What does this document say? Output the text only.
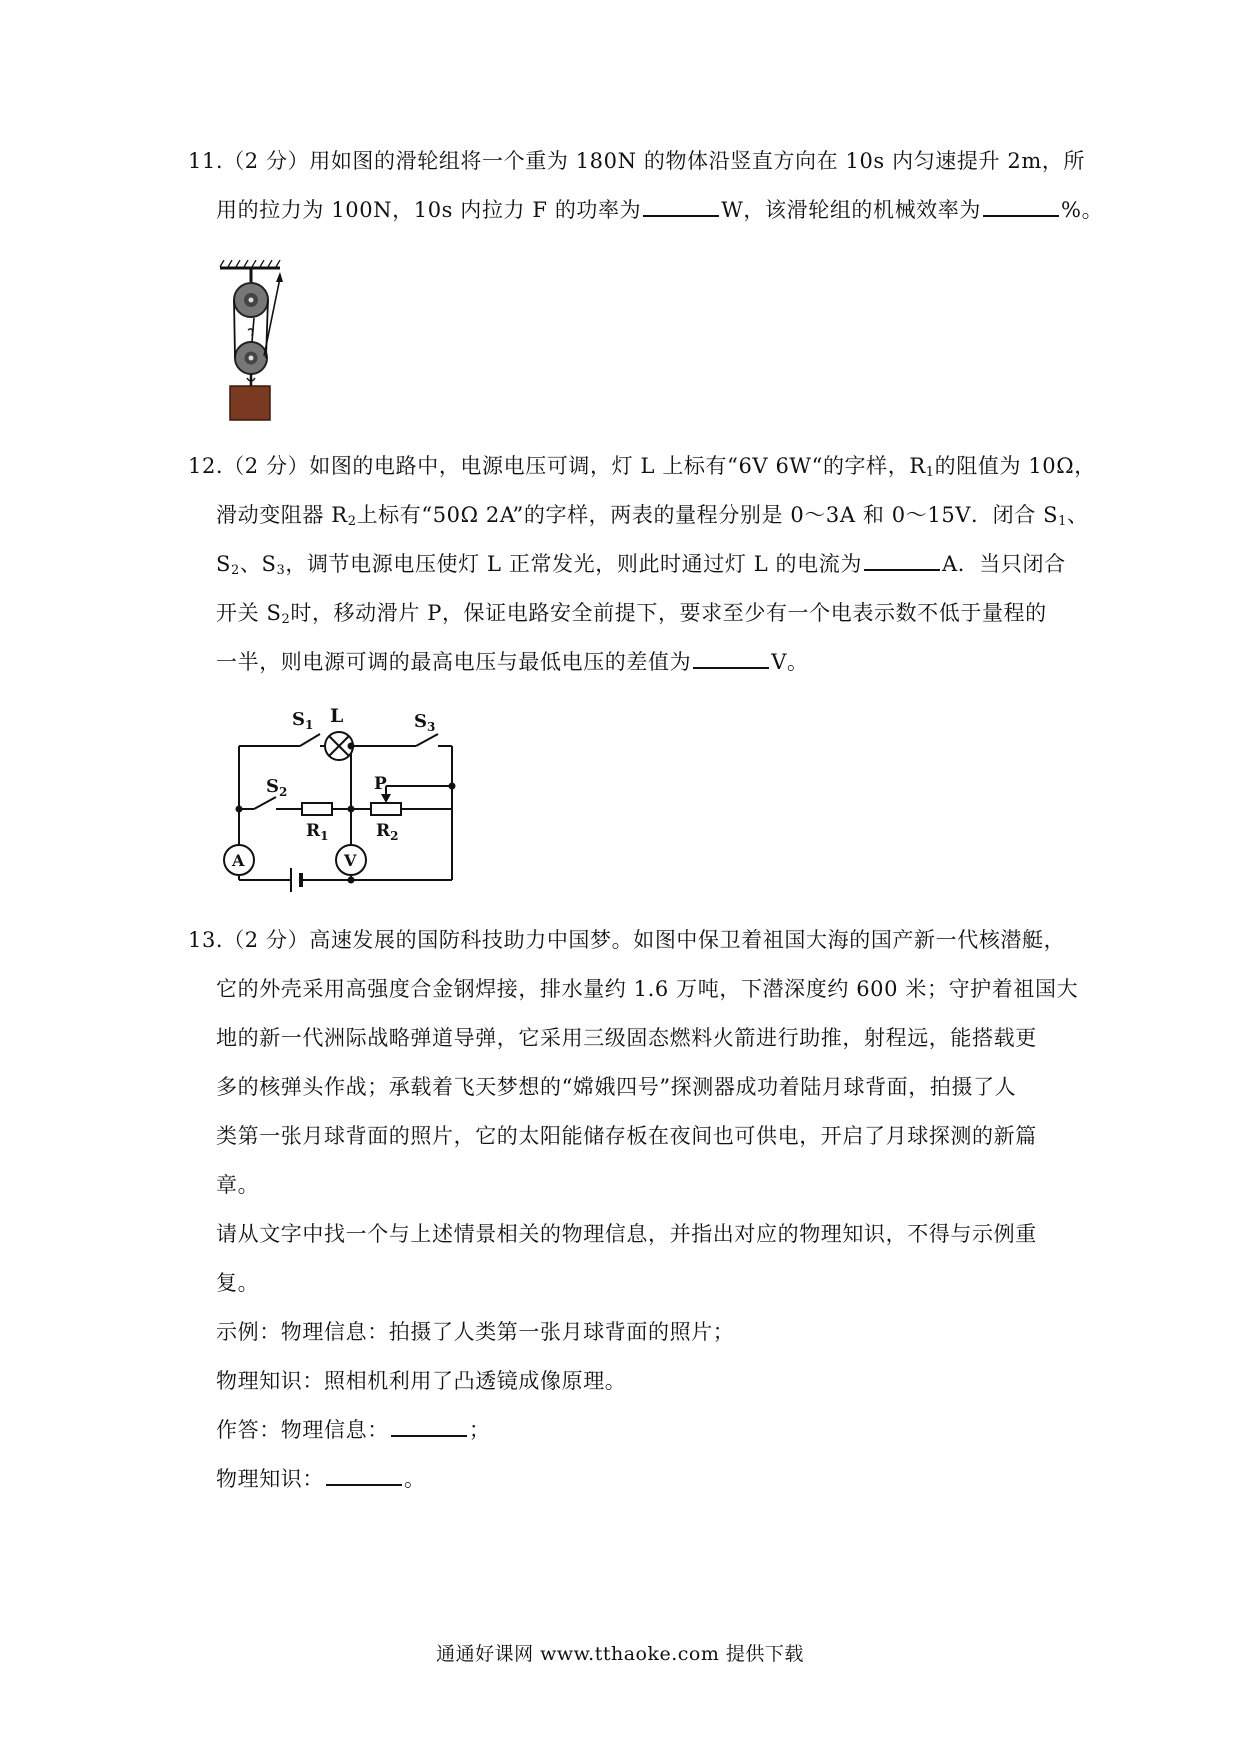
11.（2 分）用如图的滑轮组将一个重为 180N 的物体沿竖直方向在 10s 内匀速提升 2m，所
用的拉力为 100N，10s 内拉力 F 的功率为	W，该滑轮组的机械效率为	%。
12.（2 分）如图的电路中，电源电压可调，灯 L 上标有“6V 6W“的字样，$R_1$的阻值为 10Ω，
滑动变阻器 $R_2$上标有“50Ω 2A”的字样，两表的量程分别是 0～3A 和 0～15V．闭合 $S_1$、
$S_2$、$S_3$，调节电源电压使灯 L 正常发光，则此时通过灯 L 的电流为	A．当只闭合
开关 $S_2$时，移动滑片 P，保证电路安全前提下，要求至少有一个电表示数不低于量程的
一半，则电源可调的最高电压与最低电压的差值为	V。
$S_1$ L	$S_3$
$S_2$	P
$R_1$	$R_2$
A	V
13.（2 分）高速发展的国防科技助力中国梦。如图中保卫着祖国大海的国产新一代核潜艇，
它的外壳采用高强度合金钢焊接，排水量约 1.6 万吨，下潜深度约 600 米；守护着祖国大
地的新一代洲际战略弹道导弹，它采用三级固态燃料火箭进行助推，射程远，能搭载更
多的核弹头作战；承载着飞天梦想的“嫦娥四号”探测器成功着陆月球背面，拍摄了人
类第一张月球背面的照片，它的太阳能储存板在夜间也可供电，开启了月球探测的新篇
章。
请从文字中找一个与上述情景相关的物理信息，并指出对应的物理知识，不得与示例重
复。
示例：物理信息：拍摄了人类第一张月球背面的照片；
物理知识：照相机利用了凸透镜成像原理。
作答：物理信息：	；
物理知识：	。
通通好课网 www.tthaoke.com 提供下载
